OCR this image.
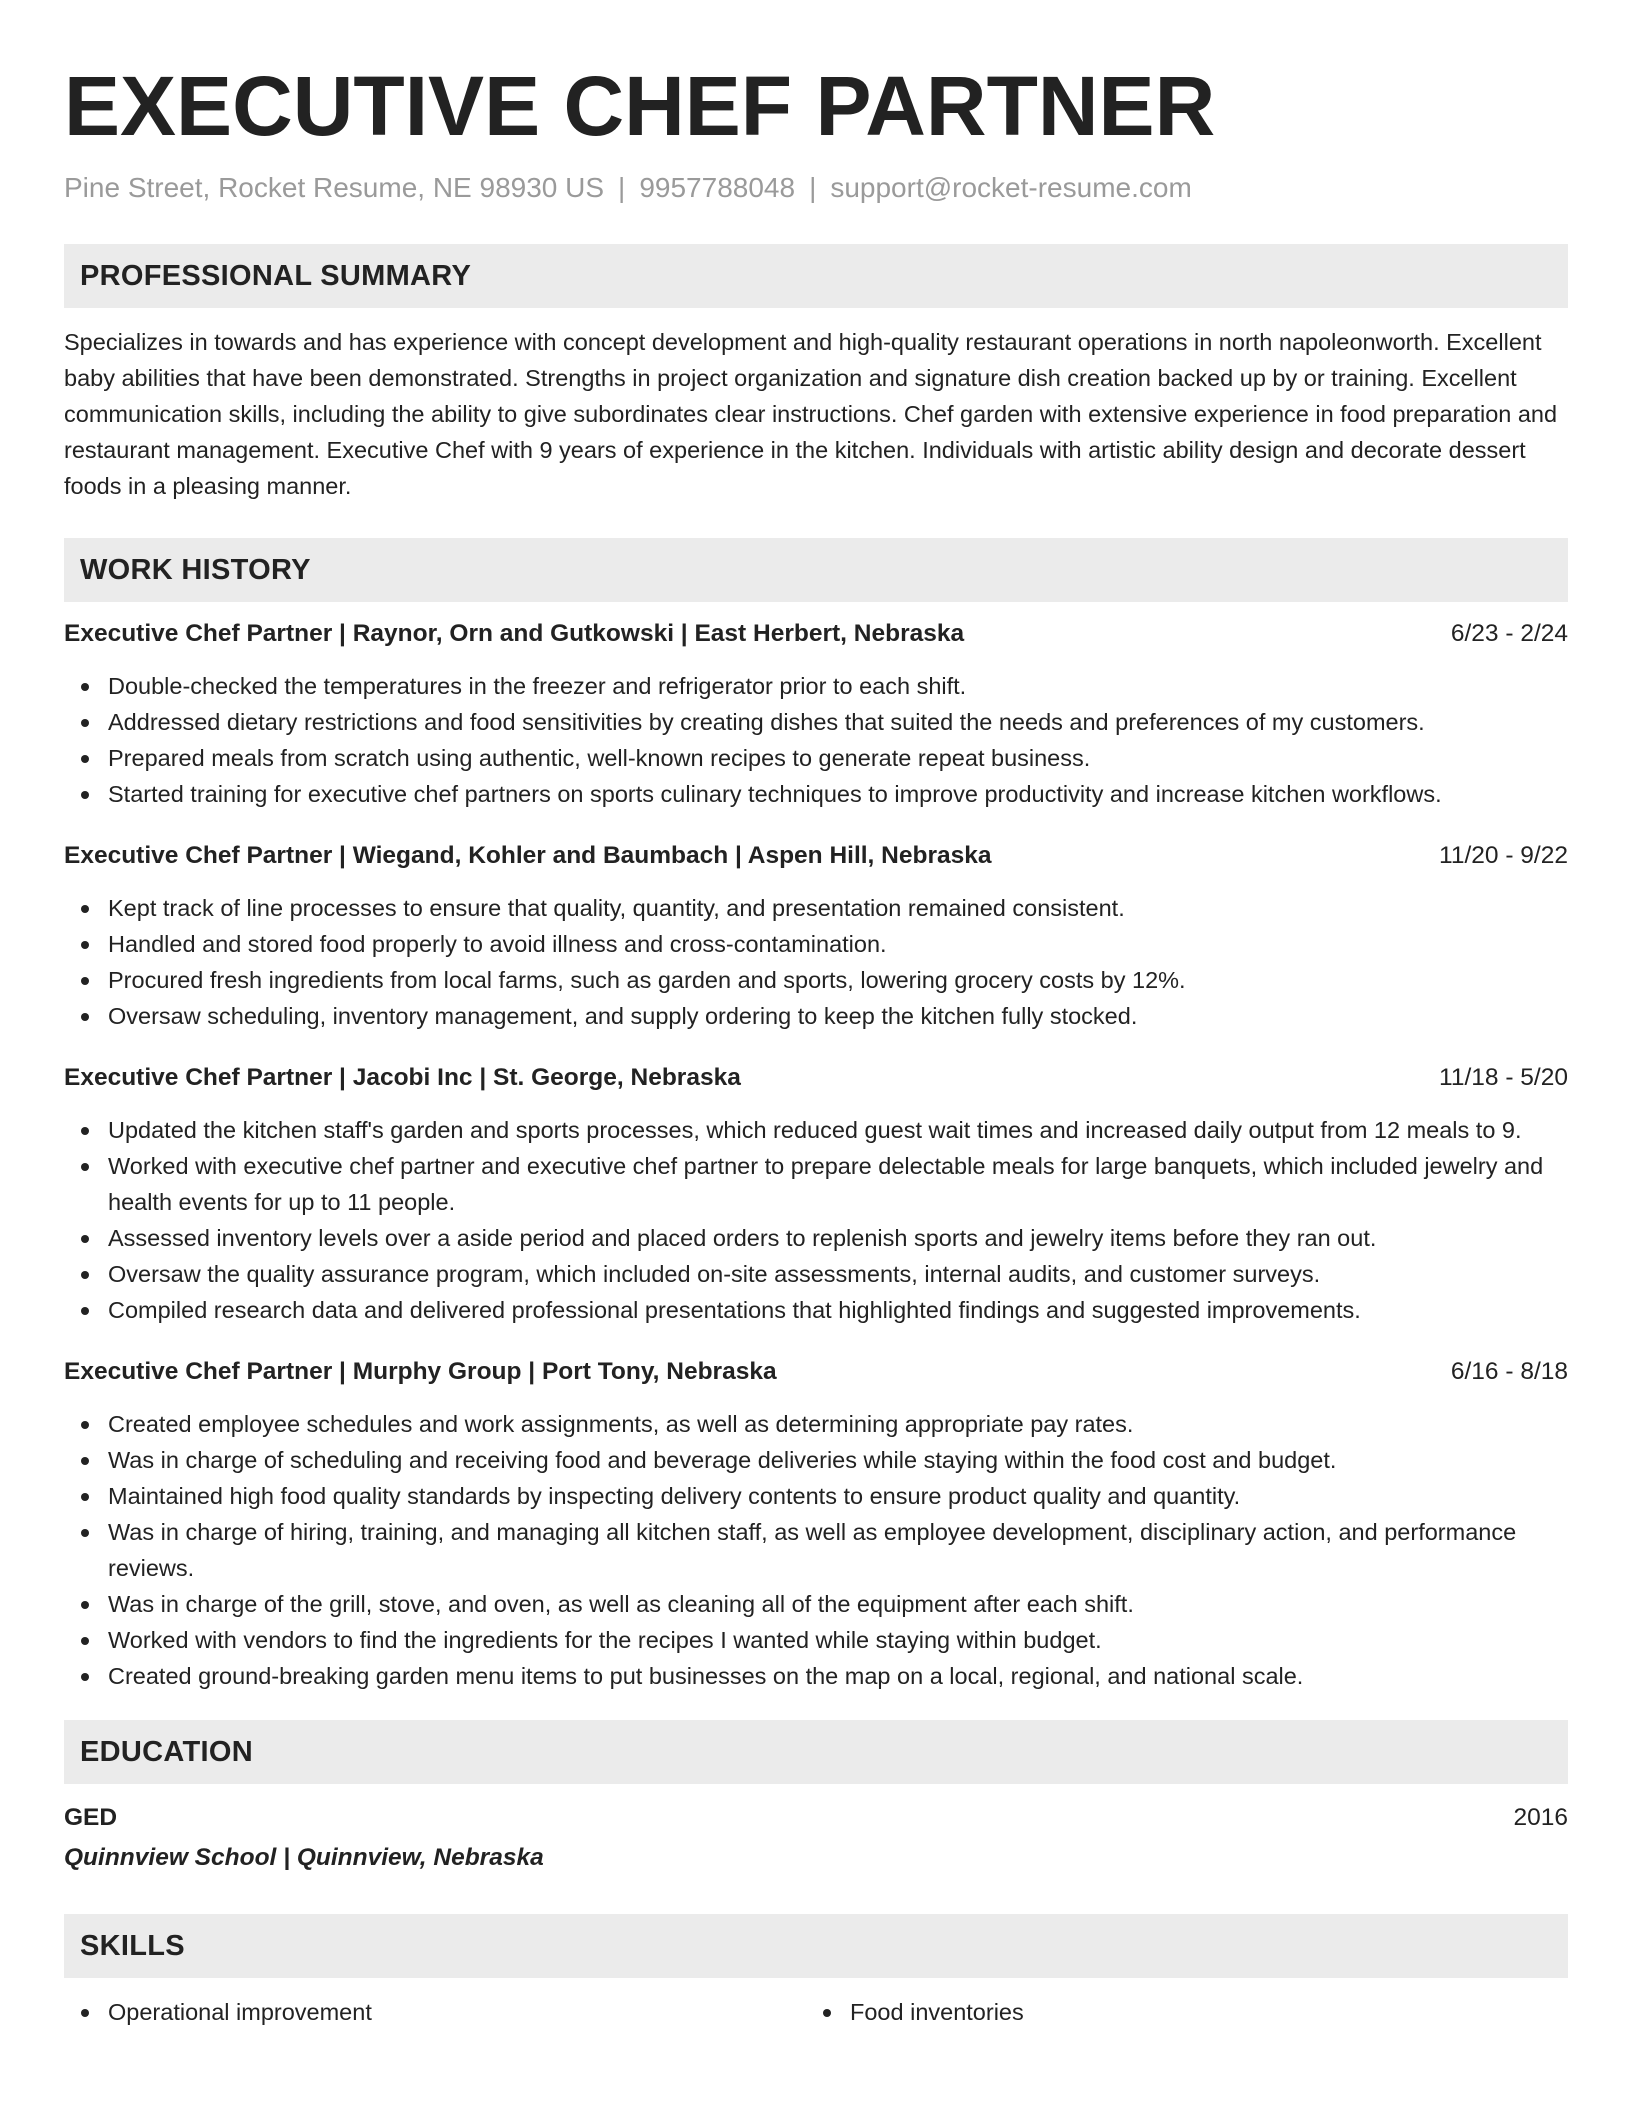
EXECUTIVE CHEF PARTNER
Pine Street, Rocket Resume, NE 98930 US | 9957788048 | support@rocket-resume.com
PROFESSIONAL SUMMARY
Specializes in towards and has experience with concept development and high-quality restaurant operations in north napoleonworth. Excellent baby abilities that have been demonstrated. Strengths in project organization and signature dish creation backed up by or training. Excellent communication skills, including the ability to give subordinates clear instructions. Chef garden with extensive experience in food preparation and restaurant management. Executive Chef with 9 years of experience in the kitchen. Individuals with artistic ability design and decorate dessert foods in a pleasing manner.
WORK HISTORY
Executive Chef Partner | Raynor, Orn and Gutkowski | East Herbert, Nebraska	6/23 - 2/24
Double-checked the temperatures in the freezer and refrigerator prior to each shift.
Addressed dietary restrictions and food sensitivities by creating dishes that suited the needs and preferences of my customers.
Prepared meals from scratch using authentic, well-known recipes to generate repeat business.
Started training for executive chef partners on sports culinary techniques to improve productivity and increase kitchen workflows.
Executive Chef Partner | Wiegand, Kohler and Baumbach | Aspen Hill, Nebraska	11/20 - 9/22
Kept track of line processes to ensure that quality, quantity, and presentation remained consistent.
Handled and stored food properly to avoid illness and cross-contamination.
Procured fresh ingredients from local farms, such as garden and sports, lowering grocery costs by 12%.
Oversaw scheduling, inventory management, and supply ordering to keep the kitchen fully stocked.
Executive Chef Partner | Jacobi Inc | St. George, Nebraska	11/18 - 5/20
Updated the kitchen staff's garden and sports processes, which reduced guest wait times and increased daily output from 12 meals to 9.
Worked with executive chef partner and executive chef partner to prepare delectable meals for large banquets, which included jewelry and health events for up to 11 people.
Assessed inventory levels over a aside period and placed orders to replenish sports and jewelry items before they ran out.
Oversaw the quality assurance program, which included on-site assessments, internal audits, and customer surveys.
Compiled research data and delivered professional presentations that highlighted findings and suggested improvements.
Executive Chef Partner | Murphy Group | Port Tony, Nebraska	6/16 - 8/18
Created employee schedules and work assignments, as well as determining appropriate pay rates.
Was in charge of scheduling and receiving food and beverage deliveries while staying within the food cost and budget.
Maintained high food quality standards by inspecting delivery contents to ensure product quality and quantity.
Was in charge of hiring, training, and managing all kitchen staff, as well as employee development, disciplinary action, and performance reviews.
Was in charge of the grill, stove, and oven, as well as cleaning all of the equipment after each shift.
Worked with vendors to find the ingredients for the recipes I wanted while staying within budget.
Created ground-breaking garden menu items to put businesses on the map on a local, regional, and national scale.
EDUCATION
GED	2016
Quinnview School | Quinnview, Nebraska
SKILLS
Operational improvement	Food inventories
